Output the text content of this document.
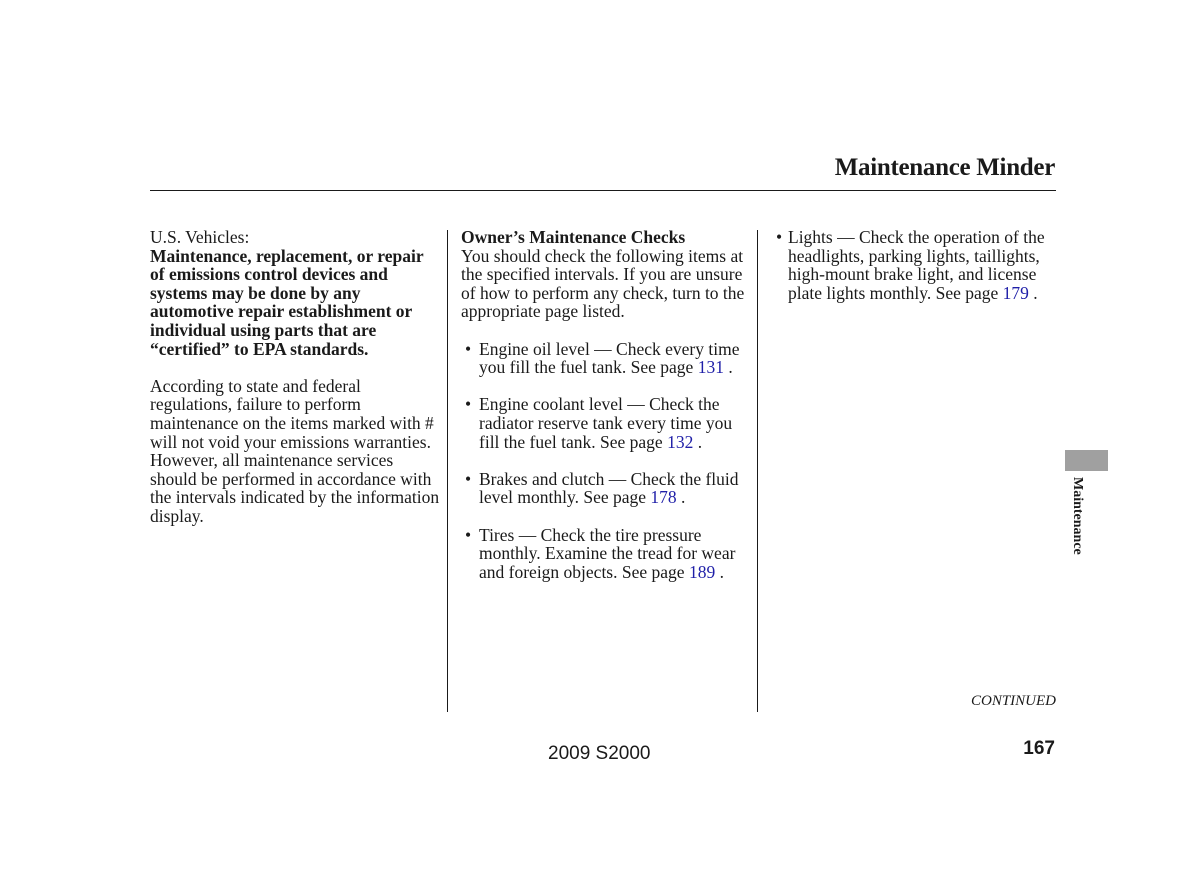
Maintenance Minder

U.S. Vehicles:

Maintenance, replacement, or repair of emissions control devices and systems may be done by any automotive repair establishment or individual using parts that are “certified” to EPA standards.

According to state and federal regulations, failure to perform maintenance on the items marked with # will not void your emissions warranties. However, all maintenance services should be performed in accordance with the intervals indicated by the information display.

Owner’s Maintenance Checks

You should check the following items at the specified intervals. If you are unsure of how to perform any check, turn to the appropriate page listed.

• Engine oil level — Check every time you fill the fuel tank. See page 131 .

• Engine coolant level — Check the radiator reserve tank every time you fill the fuel tank. See page 132 .

• Brakes and clutch — Check the fluid level monthly. See page 178 .

• Tires — Check the tire pressure monthly. Examine the tread for wear and foreign objects. See page 189 .

• Lights — Check the operation of the headlights, parking lights, taillights, high-mount brake light, and license plate lights monthly. See page 179 .

CONTINUED
2009 S2000	167
Maintenance
